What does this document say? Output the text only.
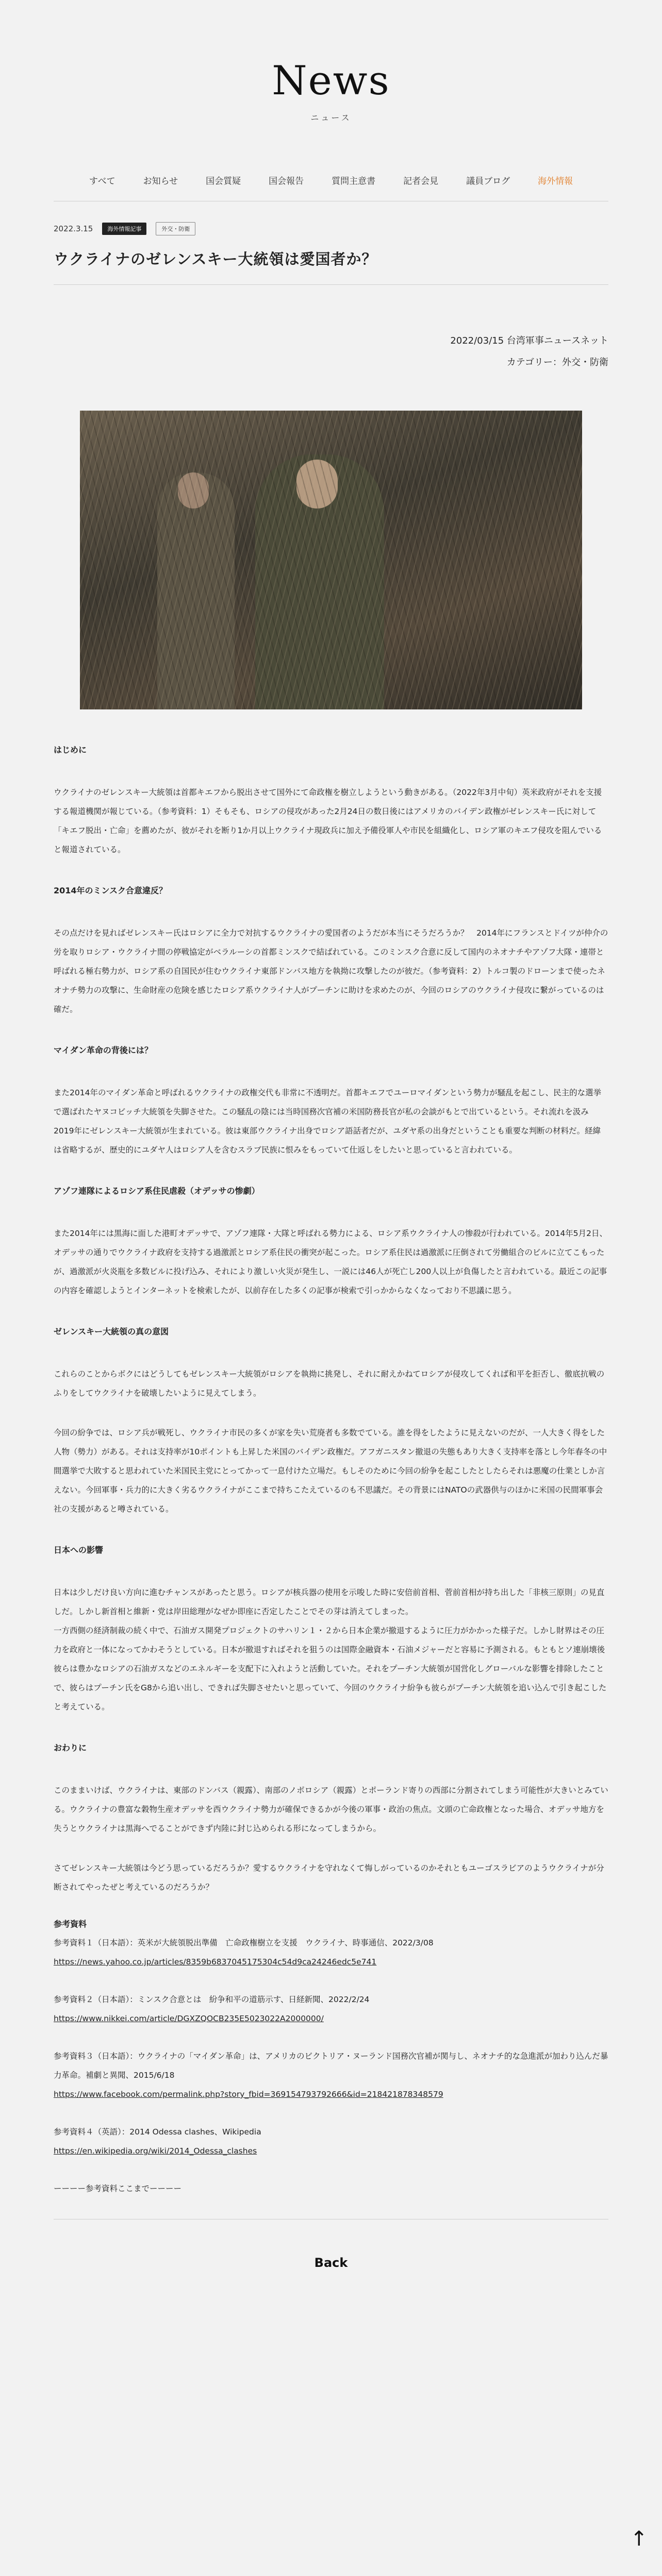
News
ニュース
すべて	お知らせ	国会質疑	国会報告	質問主意書	記者会見	議員ブログ	海外情報
2022.3.15	海外情報記事	外交・防衛
ウクライナのゼレンスキー大統領は愛国者か？
2022/03/15 台湾軍事ニュースネット
カテゴリー：外交・防衛
はじめに

ウクライナのゼレンスキー大統領は首都キエフから脱出させて国外にて命政権を樹立しようという動きがある。（2022年3月中旬）英米政府がそれを支援する報道機関が報じている。（参考資料：1）そもそも、ロシアの侵攻があった2月24日の数日後にはアメリカのバイデン政権がゼレンスキー氏に対して「キエフ脱出・亡命」を薦めたが、彼がそれを断り1か月以上ウクライナ現政兵に加え予備役軍人や市民を組織化し、ロシア軍のキエフ侵攻を阻んでいると報道されている。

2014年のミンスク合意違反？

その点だけを見ればゼレンスキー氏はロシアに全力で対抗するウクライナの愛国者のようだが本当にそうだろうか？　2014年にフランスとドイツが仲介の労を取りロシア・ウクライナ間の停戦協定がベラルーシの首都ミンスクで結ばれている。このミンスク合意に反して国内のネオナチやアゾフ大隊・連帯と呼ばれる極右勢力が、ロシア系の自国民が住むウクライナ東部ドンバス地方を執拗に攻撃したのが彼だ。（参考資料：2）トルコ製のドローンまで使ったネオナチ勢力の攻撃に、生命財産の危険を感じたロシア系ウクライナ人がプーチンに助けを求めたのが、今回のロシアのウクライナ侵攻に繋がっているのは確だ。

マイダン革命の背後には？

また2014年のマイダン革命と呼ばれるウクライナの政権交代も非常に不透明だ。首都キエフでユーロマイダンという勢力が騒乱を起こし、民主的な選挙で選ばれたヤヌコビッチ大統領を失脚させた。この騒乱の陰には当時国務次官補の米国防務長官が私の会談がもとで出ているという。それ流れを汲み2019年にゼレンスキー大統領が生まれている。彼は東部ウクライナ出身でロシア語話者だが、ユダヤ系の出身だということも重要な判断の材料だ。経緯は省略するが、歴史的にユダヤ人はロシア人を含むスラブ民族に恨みをもっていて仕返しをしたいと思っていると言われている。

アゾフ連隊によるロシア系住民虐殺（オデッサの惨劇）

また2014年には黒海に面した港町オデッサで、アゾフ連隊・大隊と呼ばれる勢力による、ロシア系ウクライナ人の惨殺が行われている。2014年5月2日、オデッサの通りでウクライナ政府を支持する過激派とロシア系住民の衝突が起こった。ロシア系住民は過激派に圧倒されて労働組合のビルに立てこもったが、過激派が火炎瓶を多数ビルに投げ込み、それにより激しい火災が発生し、一説には46人が死亡し200人以上が負傷したと言われている。最近この記事の内容を確認しようとインターネットを検索したが、以前存在した多くの記事が検索で引っかからなくなっており不思議に思う。

ゼレンスキー大統領の真の意図

これらのことからボクにはどうしてもゼレンスキー大統領がロシアを執拗に挑発し、それに耐えかねてロシアが侵攻してくれば和平を拒否し、徹底抗戦のふりをしてウクライナを破壊したいように見えてしまう。

今回の紛争では、ロシア兵が戦死し、ウクライナ市民の多くが家を失い荒廃者も多数でている。誰を得をしたように見えないのだが、一人大きく得をした人物（勢力）がある。それは支持率が10ポイントも上昇した米国のバイデン政権だ。アフガニスタン撤退の失態もあり大きく支持率を落とし今年春冬の中間選挙で大敗すると思われていた米国民主党にとってかって一息付けた立場だ。もしそのために今回の紛争を起こしたとしたらそれは悪魔の仕業としか言えない。今回軍事・兵力的に大きく劣るウクライナがここまで持ちこたえているのも不思議だ。その背景にはNATOの武器供与のほかに米国の民間軍事会社の支援があると噂されている。

日本への影響

日本は少しだけ良い方向に進むチャンスがあったと思う。ロシアが核兵器の使用を示唆した時に安倍前首相、菅前首相が持ち出した「非核三原則」の見直しだ。しかし新首相と維新・党は岸田総理がなぜか即座に否定したことでその芽は消えてしまった。

一方西側の経済制裁の続く中で、石油ガス開発プロジェクトのサハリン１・２から日本企業が撤退するように圧力がかかった様子だ。しかし財界はその圧力を政府と一体になってかわそうとしている。日本が撤退すればそれを狙うのは国際金融資本・石油メジャーだと容易に予測される。もともとソ連崩壊後彼らは豊かなロシアの石油ガスなどのエネルギーを支配下に入れようと活動していた。それをプーチン大統領が国営化しグローバルな影響を排除したことで、彼らはプーチン氏をG8から追い出し、できれば失脚させたいと思っていて、今回のウクライナ紛争も彼らがプーチン大統領を追い込んで引き起こしたと考えている。

おわりに

このままいけば、ウクライナは、東部のドンバス（親露）、南部のノボロシア（親露）とポーランド寄りの西部に分割されてしまう可能性が大きいとみている。ウクライナの豊富な穀物生産オデッサを西ウクライナ勢力が確保できるかが今後の軍事・政治の焦点。文頭の亡命政権となった場合、オデッサ地方を失うとウクライナは黒海へでることができず内陸に封じ込められる形になってしまうから。

さてゼレンスキー大統領は今どう思っているだろうか？愛するウクライナを守れなくて悔しがっているのかそれともユーゴスラビアのようウクライナが分断されてやったぜと考えているのだろうか？

参考資料

参考資料１（日本語）：英米が大統領脱出準備　亡命政権樹立を支援　ウクライナ、時事通信、2022/3/08

https://news.yahoo.co.jp/articles/8359b6837045175304c54d9ca24246edc5e741

参考資料２（日本語）：ミンスク合意とは　紛争和平の道筋示す、日経新聞、2022/2/24

https://www.nikkei.com/article/DGXZQOCB235E5023022A2000000/

参考資料３（日本語）：ウクライナの「マイダン革命」は、アメリカのビクトリア・ヌーランド国務次官補が関与し、ネオナチ的な急進派が加わり込んだ暴力革命。補劇と異聞、2015/6/18

https://www.facebook.com/permalink.php?story_fbid=369154793792666&id=218421878348579

参考資料４（英語）：2014 Odessa clashes、Wikipedia

https://en.wikipedia.org/wiki/2014_Odessa_clashes

ーーーー参考資料ここまでーーーー

Back
↑
